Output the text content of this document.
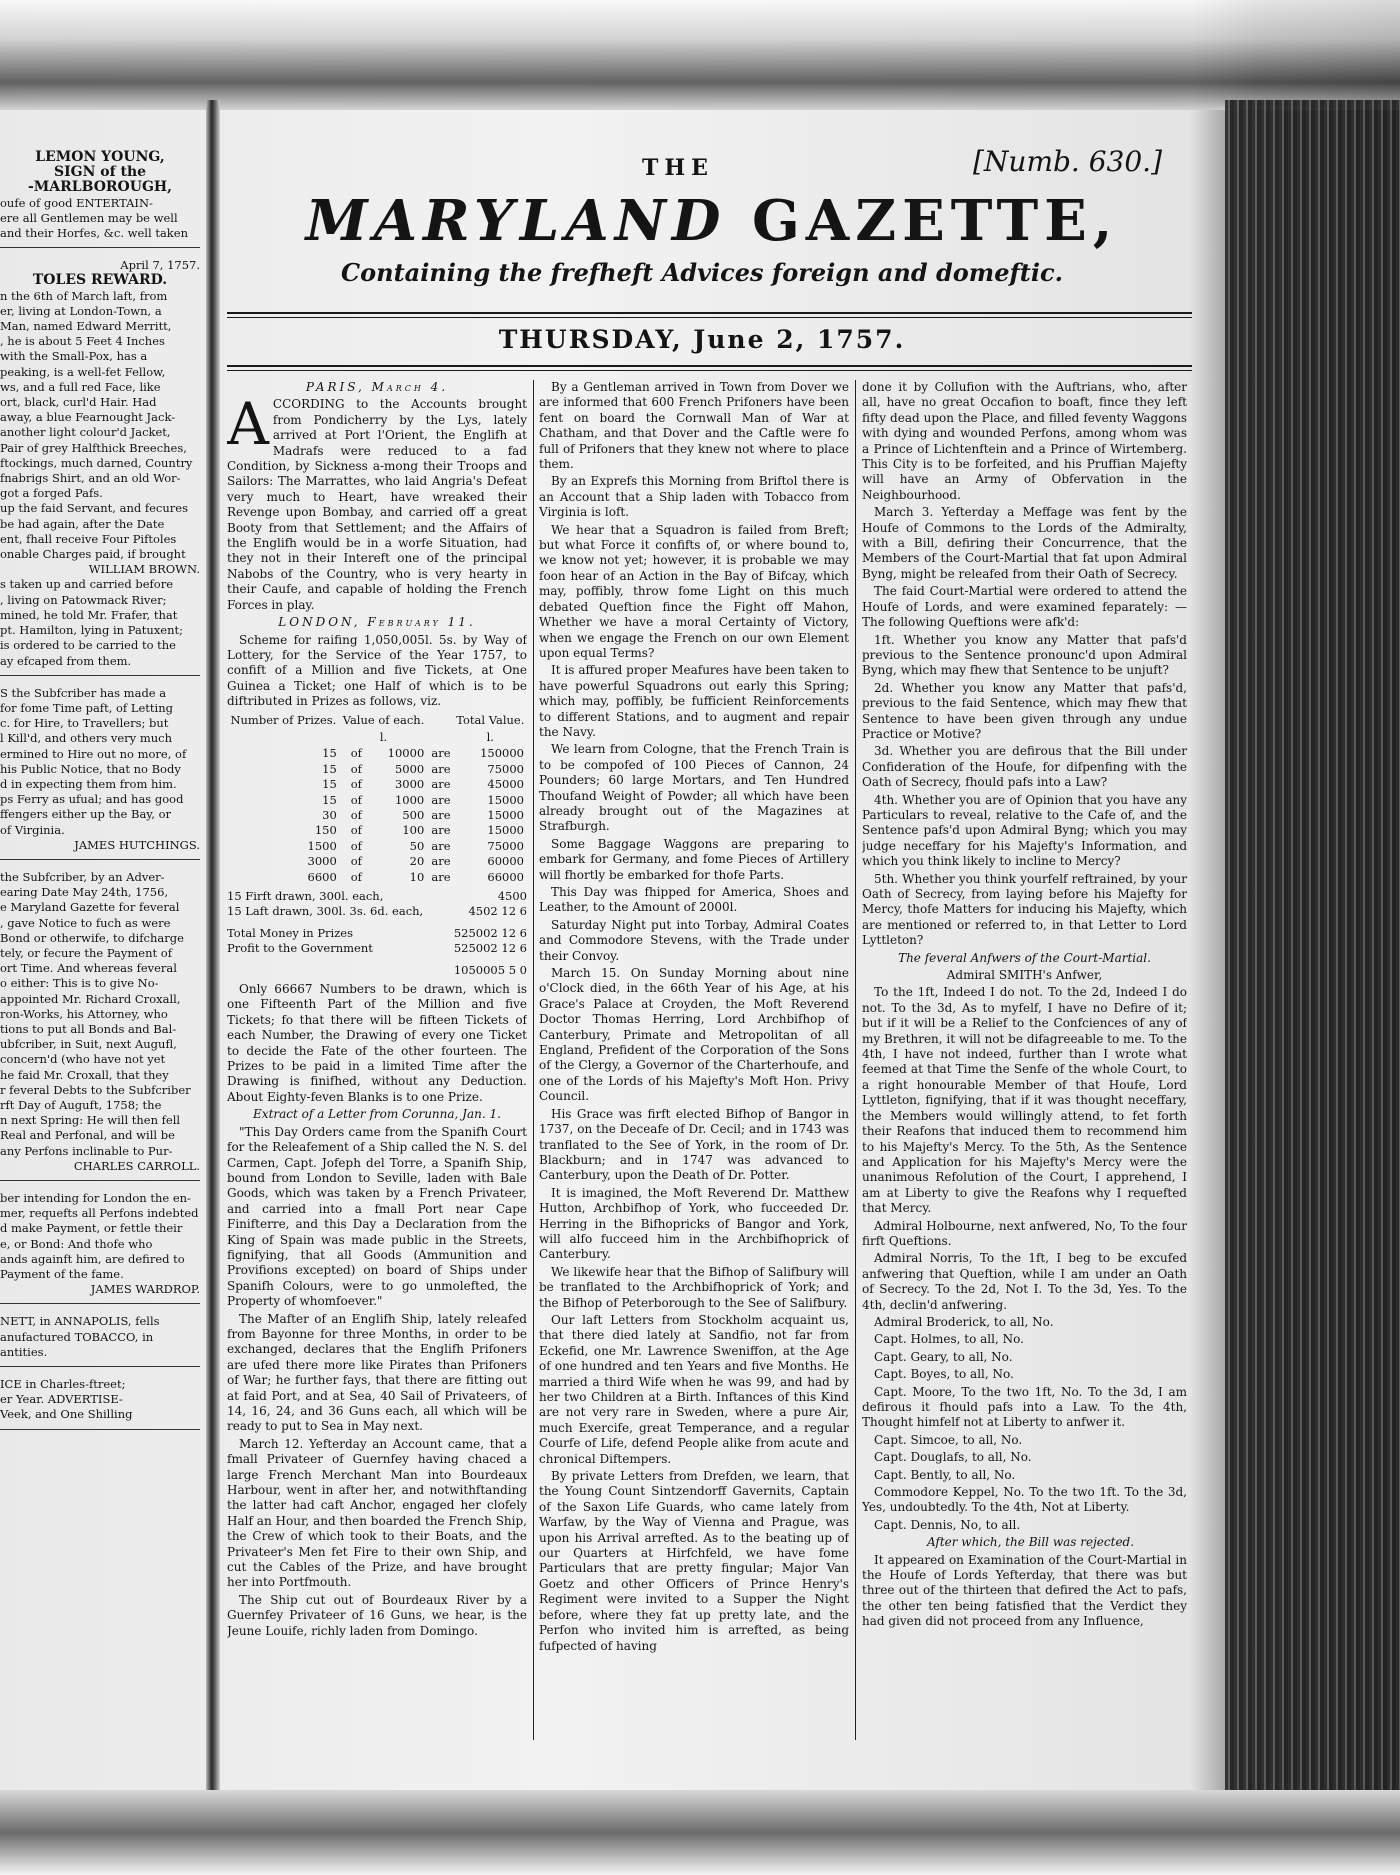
LEMON YOUNG,
SIGN of the
-MARLBOROUGH,

oufe of good ENTERTAIN-
ere all Gentlemen may be well
and their Horfes, &c. well taken

April 7, 1757.

TOLES REWARD.

n the 6th of March laft, from
er, living at London-Town, a
Man, named Edward Merritt,
, he is about 5 Feet 4 Inches
with the Small-Pox, has a
peaking, is a well-fet Fellow,
ws, and a full red Face, like
ort, black, curl'd Hair. Had
away, a blue Fearnought Jack-
another light colour'd Jacket,
Pair of grey Halfthick Breeches,
ftockings, much darned, Country
fnabrigs Shirt, and an old Wor-
got a forged Pafs.
up the faid Servant, and fecures
be had again, after the Date
ent, fhall receive Four Piftoles
onable Charges paid, if brought

WILLIAM BROWN.

s taken up and carried before
, living on Patowmack River;
mined, he told Mr. Frafer, that
pt. Hamilton, lying in Patuxent;
is ordered to be carried to the
ay efcaped from them.

S the Subfcriber has made a
for fome Time paft, of Letting
c. for Hire, to Travellers; but
l Kill'd, and others very much
ermined to Hire out no more, of
his Public Notice, that no Body
d in expecting them from him.
ps Ferry as ufual; and has good
ffengers either up the Bay, or
of Virginia.

JAMES HUTCHINGS.

the Subfcriber, by an Adver-
earing Date May 24th, 1756,
e Maryland Gazette for feveral
, gave Notice to fuch as were
Bond or otherwife, to difcharge
tely, or fecure the Payment of
ort Time. And whereas feveral
o either: This is to give No-
appointed Mr. Richard Croxall,
ron-Works, his Attorney, who
tions to put all Bonds and Bal-
ubfcriber, in Suit, next Augufl,
concern'd (who have not yet
he faid Mr. Croxall, that they
r feveral Debts to the Subfcriber
rft Day of Auguft, 1758; the
n next Spring: He will then fell
Real and Perfonal, and will be
any Perfons inclinable to Pur-

CHARLES CARROLL.

ber intending for London the en-
mer, requefts all Perfons indebted
d make Payment, or fettle their
e, or Bond: And thofe who
ands againft him, are defired to
Payment of the fame.

JAMES WARDROP.

NETT, in ANNAPOLIS, fells
anufactured TOBACCO, in
antities.

ICE in Charles-ftreet;
er Year. ADVERTISE-
Veek, and One Shilling

THE	[Numb. 630.]
MARYLAND GAZETTE,
Containing the frefheft Advices foreign and domeftic.
THURSDAY, June 2, 1757.

PARIS, March 4.

ACCORDING to the Accounts brought from Pondicherry by the Lys, lately arrived at Port l'Orient, the Englifh at Madrafs were reduced to a fad Condition, by Sickness a-mong their Troops and Sailors: The Marrattes, who laid Angria's Defeat very much to Heart, have wreaked their Revenge upon Bombay, and carried off a great Booty from that Settlement; and the Affairs of the Englifh would be in a worfe Situation, had they not in their Intereft one of the principal Nabobs of the Country, who is very hearty in their Caufe, and capable of holding the French Forces in play.

LONDON, February 11.

Scheme for raifing 1,050,005l. 5s. by Way of Lottery, for the Service of the Year 1757, to confift of a Million and five Tickets, at One Guinea a Ticket; one Half of which is to be diftributed in Prizes as follows, viz.

Number of Prizes.	Value of each.			Total Value.
	l.			l.
15	of	10000	are	150000
15	of	5000	are	75000
15	of	3000	are	45000
15	of	1000	are	15000
30	of	500	are	15000
150	of	100	are	15000
1500	of	50	are	75000
3000	of	20	are	60000
6600	of	10	are	66000
15 Firft drawn, 300l. each,	4500
15 Laft drawn, 300l. 3s. 6d. each,	4502 12 6
Total Money in Prizes	525002 12 6
Profit to the Government	525002 12 6
1050005 5 0

Only 66667 Numbers to be drawn, which is one Fifteenth Part of the Million and five Tickets; fo that there will be fifteen Tickets of each Number, the Drawing of every one Ticket to decide the Fate of the other fourteen. The Prizes to be paid in a limited Time after the Drawing is finifhed, without any Deduction. About Eighty-feven Blanks is to one Prize.

Extract of a Letter from Corunna, Jan. 1.

"This Day Orders came from the Spanifh Court for the Releafement of a Ship called the N. S. del Carmen, Capt. Jofeph del Torre, a Spanifh Ship, bound from London to Seville, laden with Bale Goods, which was taken by a French Privateer, and carried into a fmall Port near Cape Finifterre, and this Day a Declaration from the King of Spain was made public in the Streets, fignifying, that all Goods (Ammunition and Provifions excepted) on board of Ships under Spanifh Colours, were to go unmolefted, the Property of whomfoever."

The Mafter of an Englifh Ship, lately releafed from Bayonne for three Months, in order to be exchanged, declares that the Englifh Prifoners are ufed there more like Pirates than Prifoners of War; he further fays, that there are fitting out at faid Port, and at Sea, 40 Sail of Privateers, of 14, 16, 24, and 36 Guns each, all which will be ready to put to Sea in May next.

March 12. Yefterday an Account came, that a fmall Privateer of Guernfey having chaced a large French Merchant Man into Bourdeaux Harbour, went in after her, and notwithftanding the latter had caft Anchor, engaged her clofely Half an Hour, and then boarded the French Ship, the Crew of which took to their Boats, and the Privateer's Men fet Fire to their own Ship, and cut the Cables of the Prize, and have brought her into Portfmouth.

The Ship cut out of Bourdeaux River by a Guernfey Privateer of 16 Guns, we hear, is the Jeune Louife, richly laden from Domingo.

By a Gentleman arrived in Town from Dover we are informed that 600 French Prifoners have been fent on board the Cornwall Man of War at Chatham, and that Dover and the Caftle were fo full of Prifoners that they knew not where to place them.

By an Exprefs this Morning from Briftol there is an Account that a Ship laden with Tobacco from Virginia is loft.

We hear that a Squadron is failed from Breft; but what Force it confifts of, or where bound to, we know not yet; however, it is probable we may foon hear of an Action in the Bay of Bifcay, which may, poffibly, throw fome Light on this much debated Queftion fince the Fight off Mahon, Whether we have a moral Certainty of Victory, when we engage the French on our own Element upon equal Terms?

It is affured proper Meafures have been taken to have powerful Squadrons out early this Spring; which may, poffibly, be fufficient Reinforcements to different Stations, and to augment and repair the Navy.

We learn from Cologne, that the French Train is to be compofed of 100 Pieces of Cannon, 24 Pounders; 60 large Mortars, and Ten Hundred Thoufand Weight of Powder; all which have been already brought out of the Magazines at Strafburgh.

Some Baggage Waggons are preparing to embark for Germany, and fome Pieces of Artillery will fhortly be embarked for thofe Parts.

This Day was fhipped for America, Shoes and Leather, to the Amount of 2000l.

Saturday Night put into Torbay, Admiral Coates and Commodore Stevens, with the Trade under their Convoy.

March 15. On Sunday Morning about nine o'Clock died, in the 66th Year of his Age, at his Grace's Palace at Croyden, the Moft Reverend Doctor Thomas Herring, Lord Archbifhop of Canterbury, Primate and Metropolitan of all England, Prefident of the Corporation of the Sons of the Clergy, a Governor of the Charterhoufe, and one of the Lords of his Majefty's Moft Hon. Privy Council.

His Grace was firft elected Bifhop of Bangor in 1737, on the Deceafe of Dr. Cecil; and in 1743 was tranflated to the See of York, in the room of Dr. Blackburn; and in 1747 was advanced to Canterbury, upon the Death of Dr. Potter.

It is imagined, the Moft Reverend Dr. Matthew Hutton, Archbifhop of York, who fucceeded Dr. Herring in the Bifhopricks of Bangor and York, will alfo fucceed him in the Archbifhoprick of Canterbury.

We likewife hear that the Bifhop of Salifbury will be tranflated to the Archbifhoprick of York; and the Bifhop of Peterborough to the See of Salifbury.

Our laft Letters from Stockholm acquaint us, that there died lately at Sandfio, not far from Eckefid, one Mr. Lawrence Sweniffon, at the Age of one hundred and ten Years and five Months. He married a third Wife when he was 99, and had by her two Children at a Birth. Inftances of this Kind are not very rare in Sweden, where a pure Air, much Exercife, great Temperance, and a regular Courfe of Life, defend People alike from acute and chronical Diftempers.

By private Letters from Drefden, we learn, that the Young Count Sintzendorff Gavernits, Captain of the Saxon Life Guards, who came lately from Warfaw, by the Way of Vienna and Prague, was upon his Arrival arrefted. As to the beating up of our Quarters at Hirfchfeld, we have fome Particulars that are pretty fingular; Major Van Goetz and other Officers of Prince Henry's Regiment were invited to a Supper the Night before, where they fat up pretty late, and the Perfon who invited him is arrefted, as being fufpected of having

done it by Collufion with the Auftrians, who, after all, have no great Occafion to boaft, fince they left fifty dead upon the Place, and filled feventy Waggons with dying and wounded Perfons, among whom was a Prince of Lichtenftein and a Prince of Wirtemberg. This City is to be forfeited, and his Pruffian Majefty will have an Army of Obfervation in the Neighbourhood.

March 3. Yefterday a Meffage was fent by the Houfe of Commons to the Lords of the Admiralty, with a Bill, defiring their Concurrence, that the Members of the Court-Martial that fat upon Admiral Byng, might be releafed from their Oath of Secrecy.

The faid Court-Martial were ordered to attend the Houfe of Lords, and were examined feparately: —The following Queftions were afk'd:

1ft. Whether you know any Matter that pafs'd previous to the Sentence pronounc'd upon Admiral Byng, which may fhew that Sentence to be unjuft?

2d. Whether you know any Matter that pafs'd, previous to the faid Sentence, which may fhew that Sentence to have been given through any undue Practice or Motive?

3d. Whether you are defirous that the Bill under Confideration of the Houfe, for difpenfing with the Oath of Secrecy, fhould pafs into a Law?

4th. Whether you are of Opinion that you have any Particulars to reveal, relative to the Cafe of, and the Sentence pafs'd upon Admiral Byng; which you may judge neceffary for his Majefty's Information, and which you think likely to incline to Mercy?

5th. Whether you think yourfelf reftrained, by your Oath of Secrecy, from laying before his Majefty for Mercy, thofe Matters for inducing his Majefty, which are mentioned or referred to, in that Letter to Lord Lyttleton?

The feveral Anfwers of the Court-Martial.

Admiral SMITH's Anfwer,

To the 1ft, Indeed I do not. To the 2d, Indeed I do not. To the 3d, As to myfelf, I have no Defire of it; but if it will be a Relief to the Confciences of any of my Brethren, it will not be difagreeable to me. To the 4th, I have not indeed, further than I wrote what feemed at that Time the Senfe of the whole Court, to a right honourable Member of that Houfe, Lord Lyttleton, fignifying, that if it was thought neceffary, the Members would willingly attend, to fet forth their Reafons that induced them to recommend him to his Majefty's Mercy. To the 5th, As the Sentence and Application for his Majefty's Mercy were the unanimous Refolution of the Court, I apprehend, I am at Liberty to give the Reafons why I requefted that Mercy.

Admiral Holbourne, next anfwered, No, To the four firft Queftions.

Admiral Norris, To the 1ft, I beg to be excufed anfwering that Queftion, while I am under an Oath of Secrecy. To the 2d, Not I. To the 3d, Yes. To the 4th, declin'd anfwering.

Admiral Broderick, to all, No.

Capt. Holmes, to all, No.

Capt. Geary, to all, No.

Capt. Boyes, to all, No.

Capt. Moore, To the two 1ft, No. To the 3d, I am defirous it fhould pafs into a Law. To the 4th, Thought himfelf not at Liberty to anfwer it.

Capt. Simcoe, to all, No.

Capt. Douglafs, to all, No.

Capt. Bently, to all, No.

Commodore Keppel, No. To the two 1ft. To the 3d, Yes, undoubtedly. To the 4th, Not at Liberty.

Capt. Dennis, No, to all.

After which, the Bill was rejected.

It appeared on Examination of the Court-Martial in the Houfe of Lords Yefterday, that there was but three out of the thirteen that defired the Act to pafs, the other ten being fatisfied that the Verdict they had given did not proceed from any Influence,
